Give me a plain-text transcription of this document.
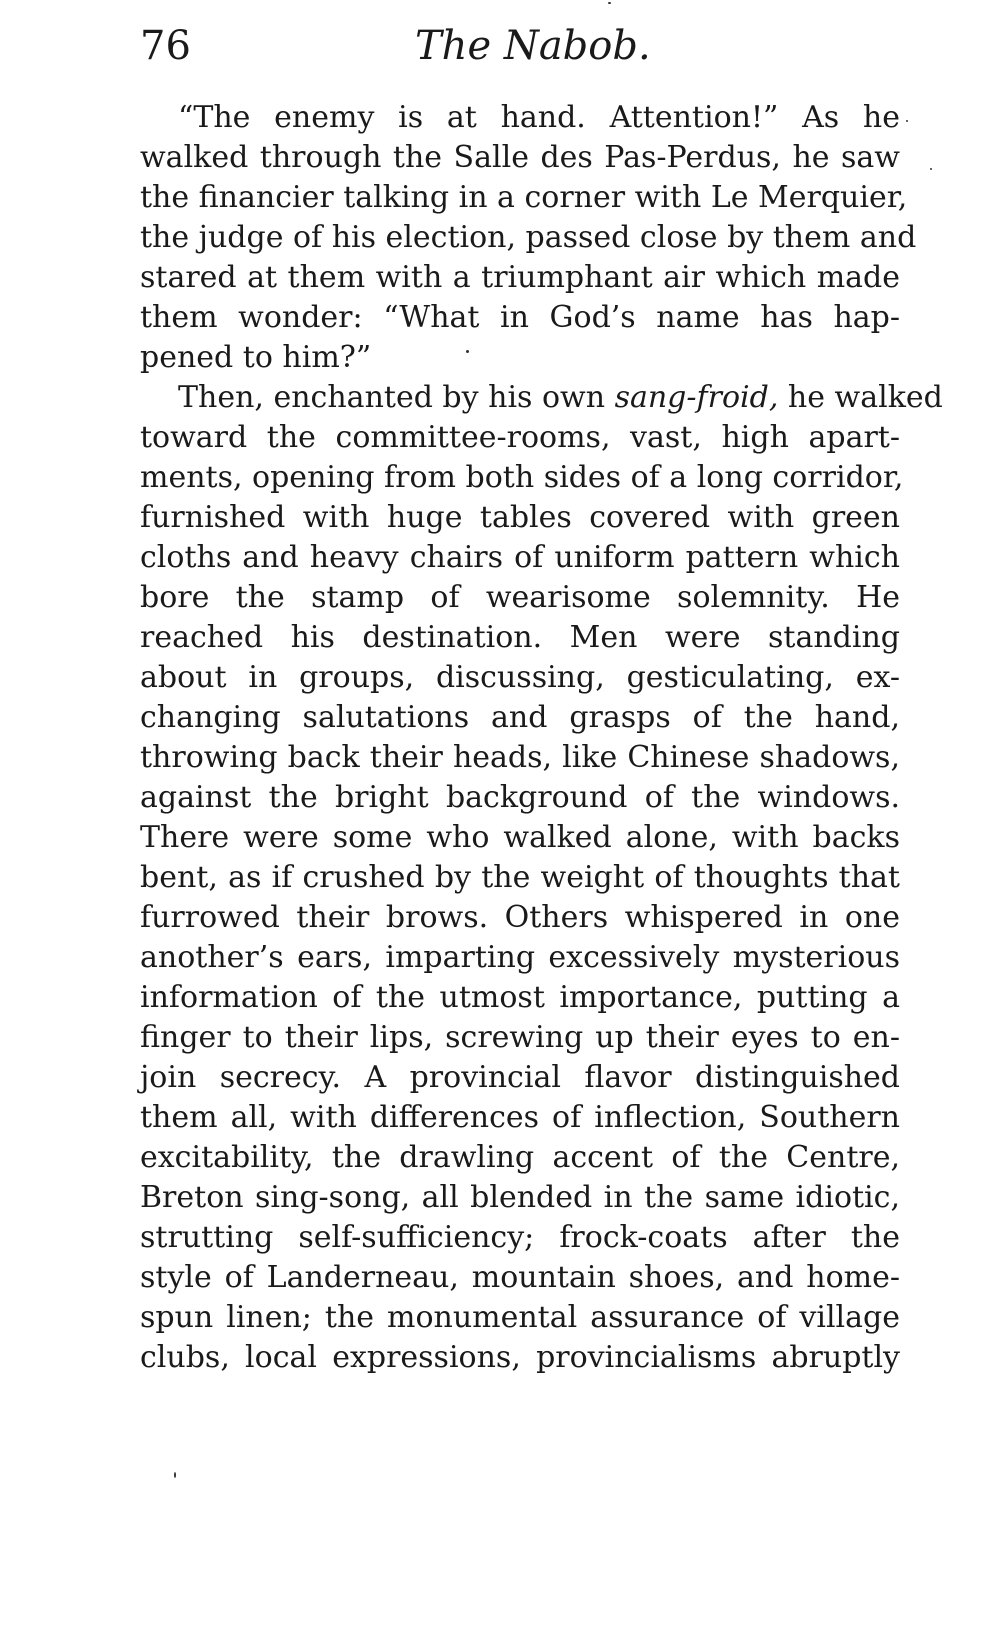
76	The Nabob.
“The enemy is at hand. Attention!” As he
walked through the Salle des Pas-Perdus, he saw
the financier talking in a corner with Le Merquier,
the judge of his election, passed close by them and
stared at them with a triumphant air which made
them wonder: “What in God’s name has hap-
pened to him?”
Then, enchanted by his own sang-froid, he walked
toward the committee-rooms, vast, high apart-
ments, opening from both sides of a long corridor,
furnished with huge tables covered with green
cloths and heavy chairs of uniform pattern which
bore the stamp of wearisome solemnity. He
reached his destination. Men were standing
about in groups, discussing, gesticulating, ex-
changing salutations and grasps of the hand,
throwing back their heads, like Chinese shadows,
against the bright background of the windows.
There were some who walked alone, with backs
bent, as if crushed by the weight of thoughts that
furrowed their brows. Others whispered in one
another’s ears, imparting excessively mysterious
information of the utmost importance, putting a
finger to their lips, screwing up their eyes to en-
join secrecy. A provincial flavor distinguished
them all, with differences of inflection, Southern
excitability, the drawling accent of the Centre,
Breton sing-song, all blended in the same idiotic,
strutting self-sufficiency; frock-coats after the
style of Landerneau, mountain shoes, and home-
spun linen; the monumental assurance of village
clubs, local expressions, provincialisms abruptly
